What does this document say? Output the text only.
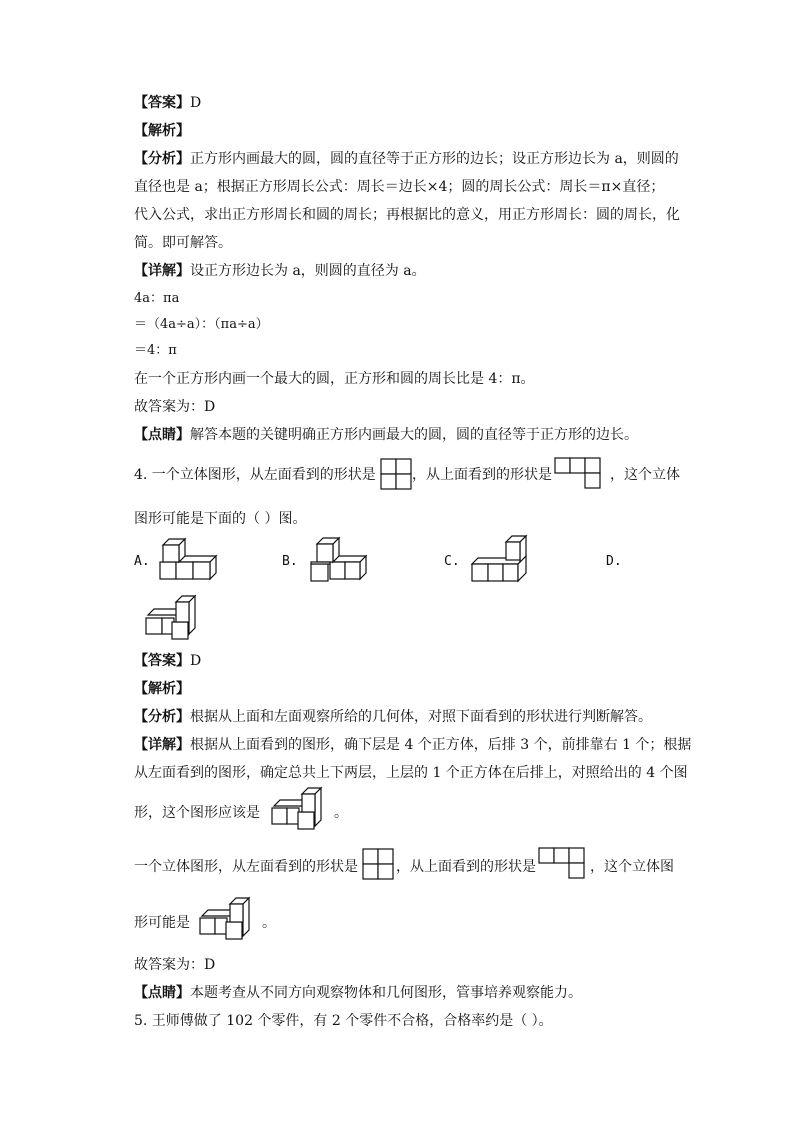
【答案】D
【解析】
【分析】正方形内画最大的圆，圆的直径等于正方形的边长；设正方形边长为 a，则圆的
直径也是 a；根据正方形周长公式：周长＝边长×4；圆的周长公式：周长＝π×直径；
代入公式，求出正方形周长和圆的周长；再根据比的意义，用正方形周长：圆的周长，化
简。即可解答。
【详解】设正方形边长为 a，则圆的直径为 a。
4a：πa
＝（4a÷a）：（πa÷a）
＝4：π
在一个正方形内画一个最大的圆，正方形和圆的周长比是 4：π。
故答案为：D
【点睛】解答本题的关键明确正方形内画最大的圆，圆的直径等于正方形的边长。
4. 一个立体图形，从左面看到的形状是	，从上面看到的形状是	，这个立体
图形可能是下面的（ ）图。
A.	B.	C.	D.
【答案】D
【解析】
【分析】根据从上面和左面观察所给的几何体，对照下面看到的形状进行判断解答。
【详解】根据从上面看到的图形，确下层是 4 个正方体，后排 3 个，前排靠右 1 个；根据
从左面看到的图形，确定总共上下两层，上层的 1 个正方体在后排上，对照给出的 4 个图
形，这个图形应该是	。
一个立体图形，从左面看到的形状是	，从上面看到的形状是	，这个立体图
形可能是	。
故答案为：D
【点睛】本题考查从不同方向观察物体和几何图形，管事培养观察能力。
5. 王师傅做了 102 个零件，有 2 个零件不合格，合格率约是（ ）。
